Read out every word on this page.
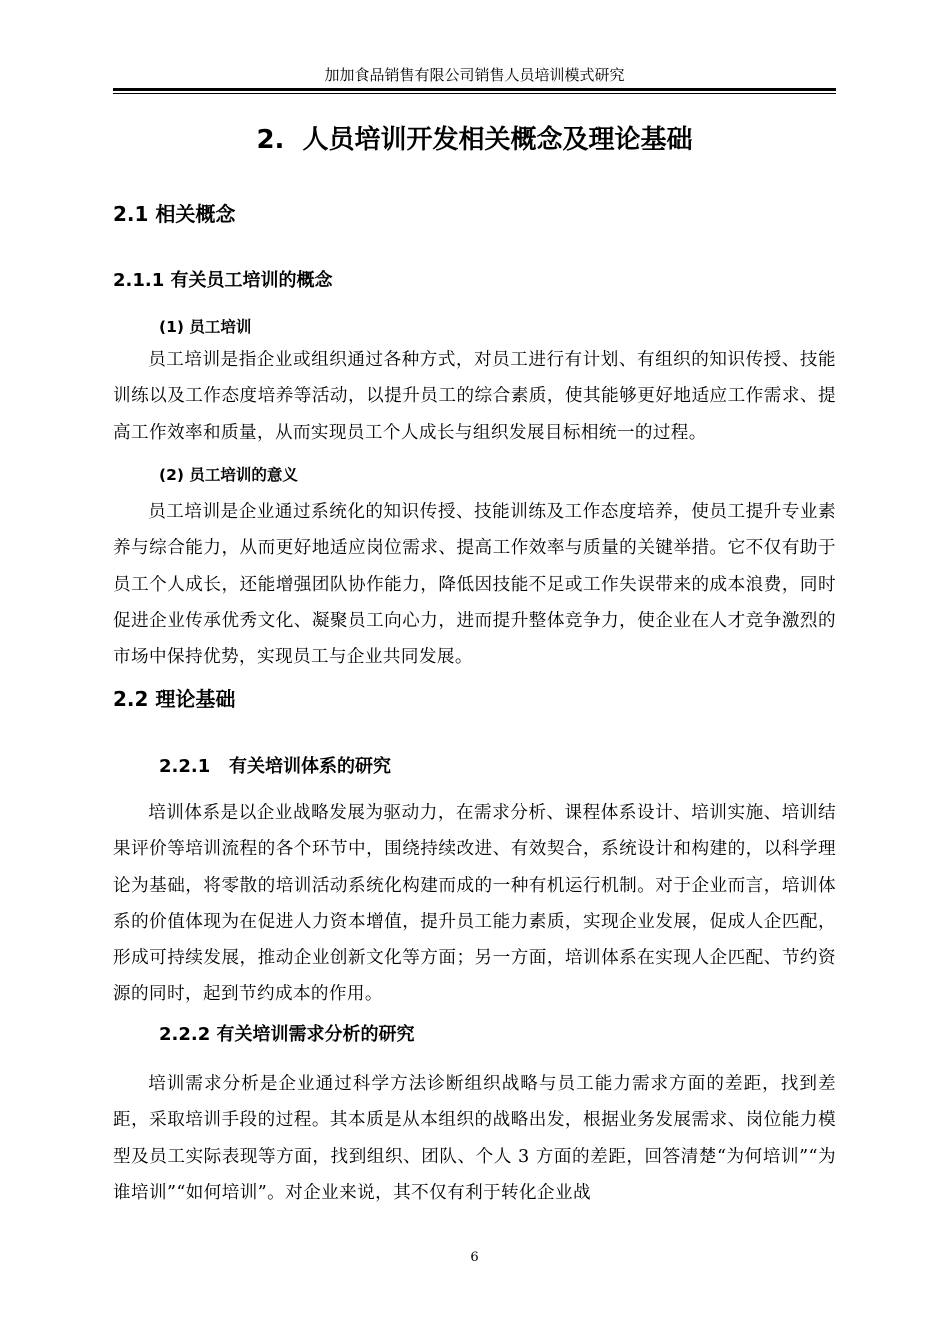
加加食品销售有限公司销售人员培训模式研究
2.  人员培训开发相关概念及理论基础
2.1 相关概念
2.1.1 有关员工培训的概念
(1) 员工培训

员工培训是指企业或组织通过各种方式，对员工进行有计划、有组织的知识传授、技能训练以及工作态度培养等活动，以提升员工的综合素质，使其能够更好地适应工作需求、提高工作效率和质量，从而实现员工个人成长与组织发展目标相统一的过程。

(2) 员工培训的意义

员工培训是企业通过系统化的知识传授、技能训练及工作态度培养，使员工提升专业素养与综合能力，从而更好地适应岗位需求、提高工作效率与质量的关键举措。它不仅有助于员工个人成长，还能增强团队协作能力，降低因技能不足或工作失误带来的成本浪费，同时促进企业传承优秀文化、凝聚员工向心力，进而提升整体竞争力，使企业在人才竞争激烈的市场中保持优势，实现员工与企业共同发展。

2.2 理论基础
2.2.1   有关培训体系的研究

培训体系是以企业战略发展为驱动力，在需求分析、课程体系设计、培训实施、培训结果评价等培训流程的各个环节中，围绕持续改进、有效契合，系统设计和构建的，以科学理论为基础，将零散的培训活动系统化构建而成的一种有机运行机制。对于企业而言，培训体系的价值体现为在促进人力资本增值，提升员工能力素质，实现企业发展，促成人企匹配，形成可持续发展，推动企业创新文化等方面；另一方面，培训体系在实现人企匹配、节约资源的同时，起到节约成本的作用。

2.2.2 有关培训需求分析的研究

培训需求分析是企业通过科学方法诊断组织战略与员工能力需求方面的差距，找到差距，采取培训手段的过程。其本质是从本组织的战略出发，根据业务发展需求、岗位能力模型及员工实际表现等方面，找到组织、团队、个人 3 方面的差距，回答清楚“为何培训”“为谁培训”“如何培训”。对企业来说，其不仅有利于转化企业战

6
